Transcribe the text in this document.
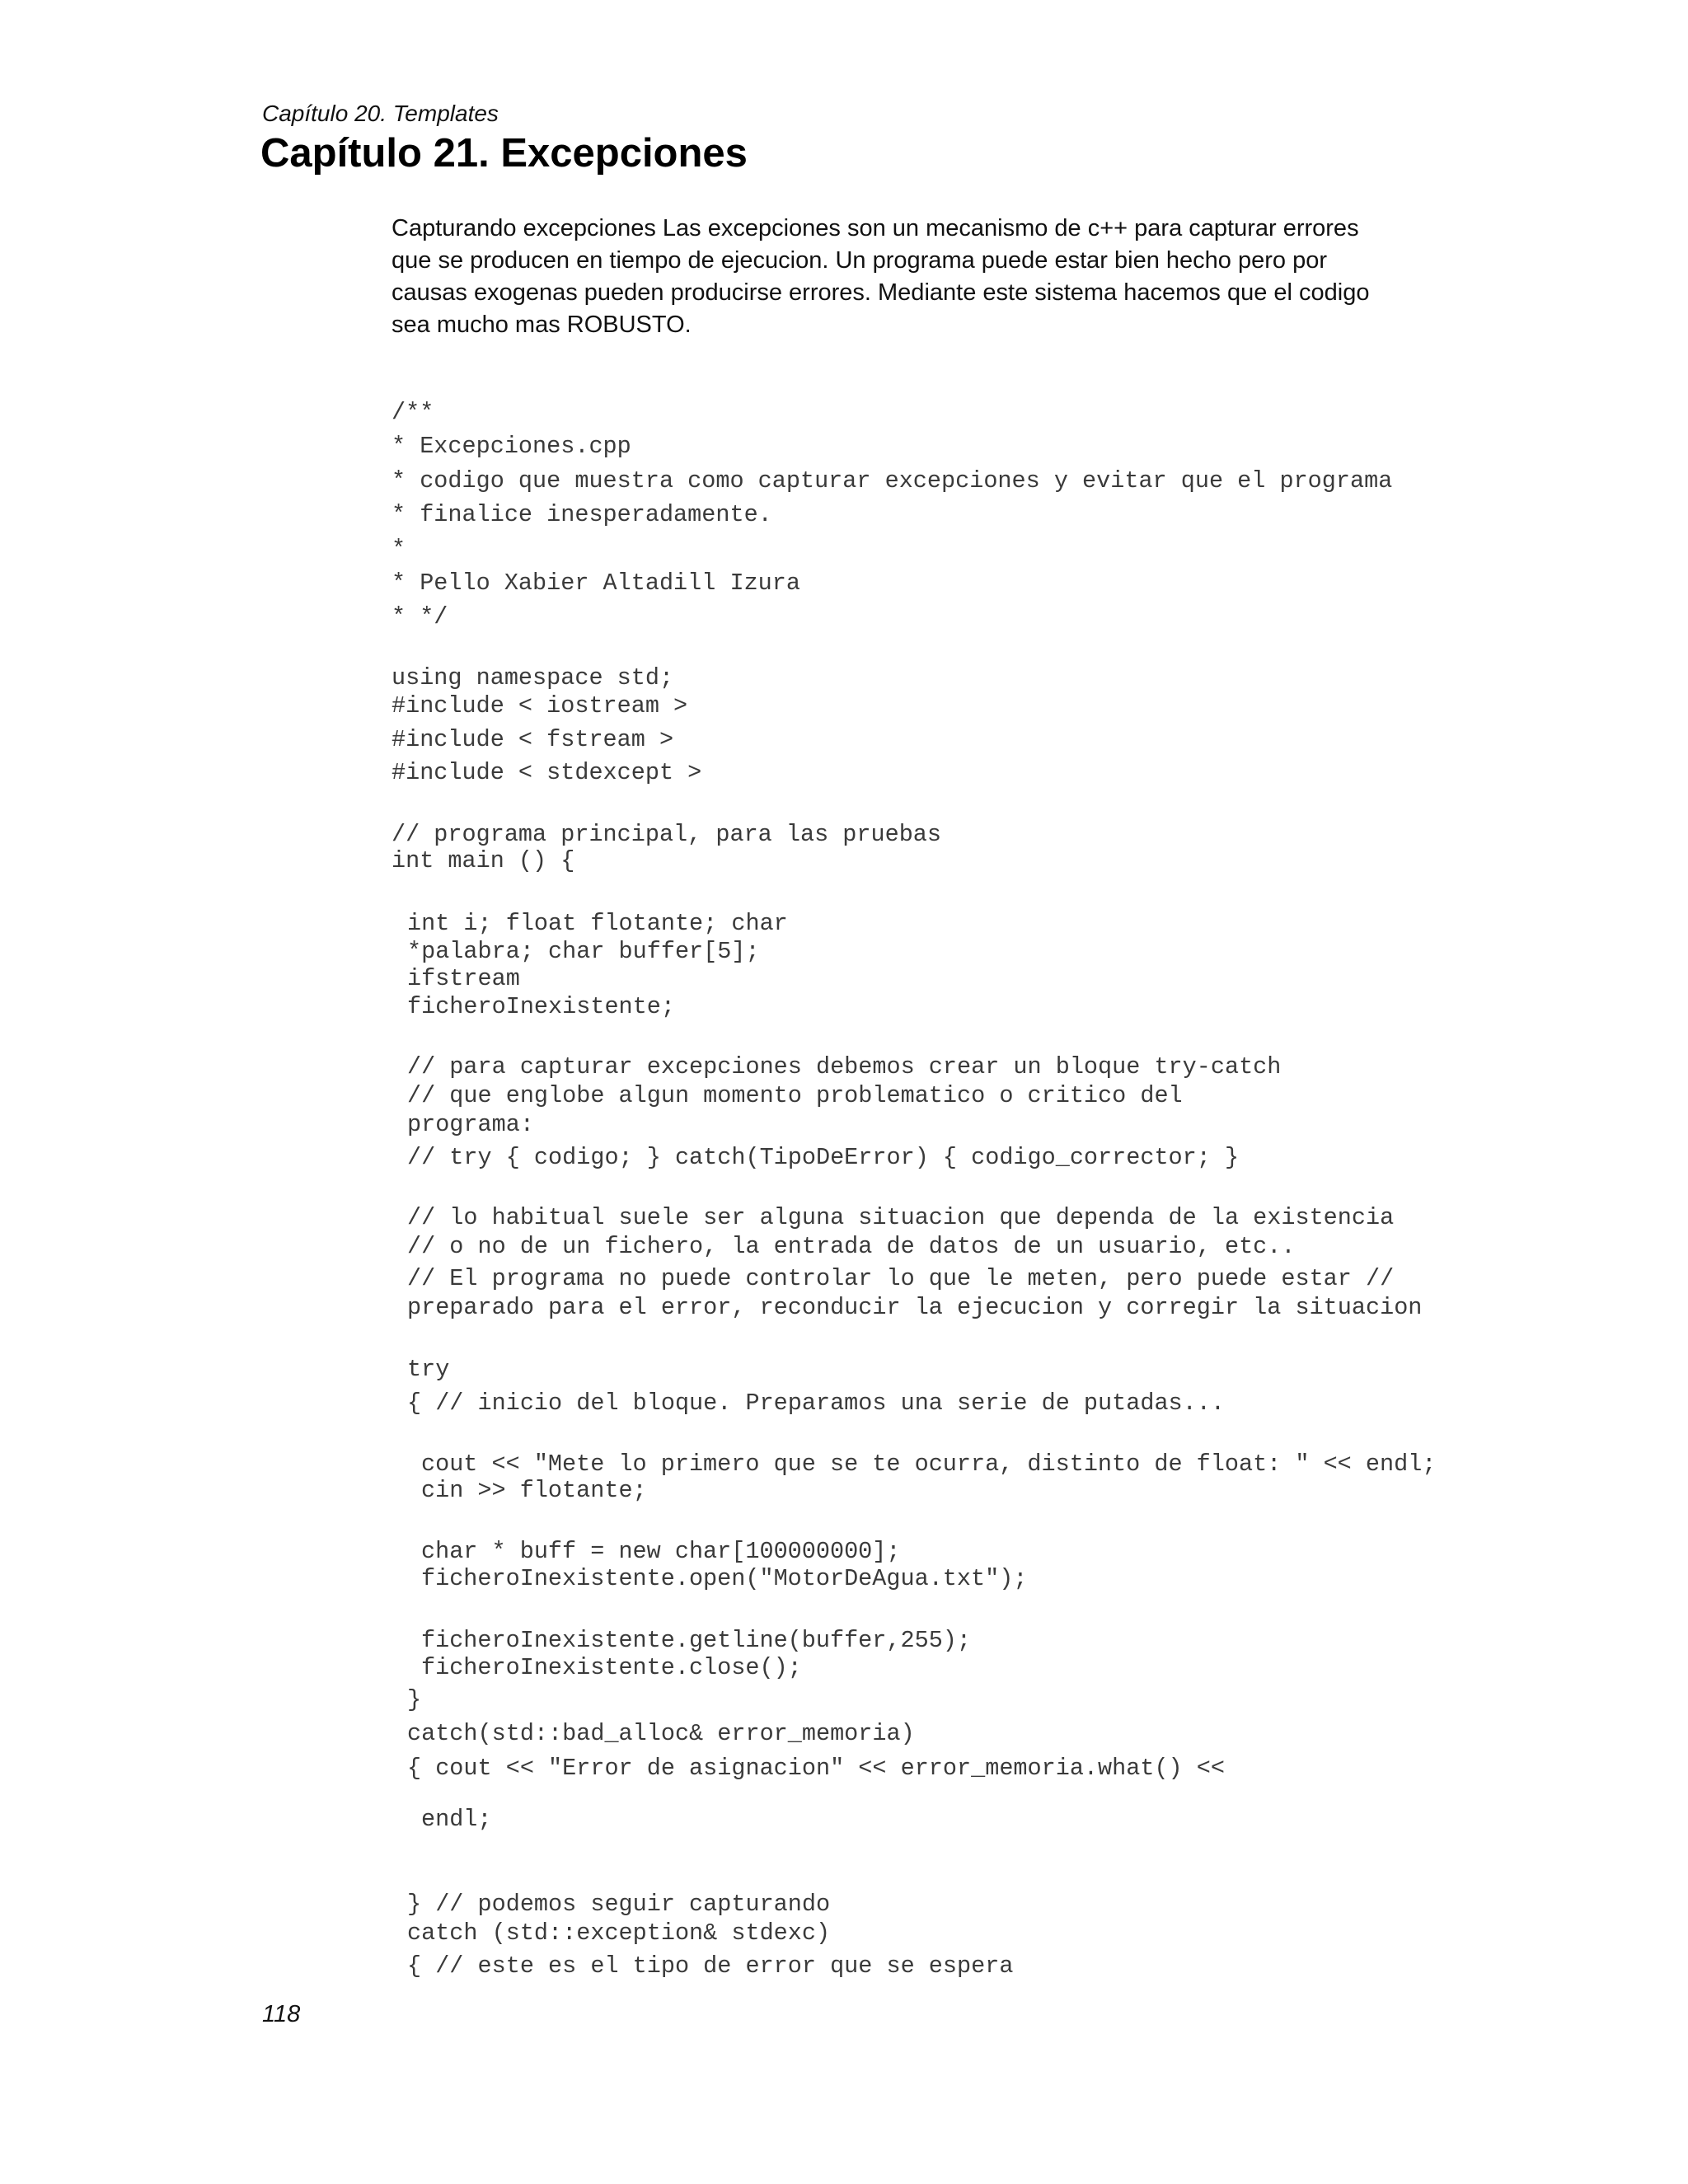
Capítulo 20. Templates
Capítulo 21. Excepciones
Capturando excepciones Las excepciones son un mecanismo de c++ para capturar errores
que se producen en tiempo de ejecucion. Un programa puede estar bien hecho pero por
causas exogenas pueden producirse errores. Mediante este sistema hacemos que el codigo
sea mucho mas ROBUSTO.
/**
* Excepciones.cpp
* codigo que muestra como capturar excepciones y evitar que el programa
* finalice inesperadamente.
*
* Pello Xabier Altadill Izura
* */
using namespace std;
#include < iostream >
#include < fstream >
#include < stdexcept >
// programa principal, para las pruebas
int main () {
int i; float flotante; char
*palabra; char buffer[5];
ifstream
ficheroInexistente;
// para capturar excepciones debemos crear un bloque try-catch
// que englobe algun momento problematico o critico del
programa:
// try { codigo; } catch(TipoDeError) { codigo_corrector; }
// lo habitual suele ser alguna situacion que dependa de la existencia
// o no de un fichero, la entrada de datos de un usuario, etc..
// El programa no puede controlar lo que le meten, pero puede estar //
preparado para el error, reconducir la ejecucion y corregir la situacion
try
{ // inicio del bloque. Preparamos una serie de putadas...
cout << "Mete lo primero que se te ocurra, distinto de float: " << endl;
cin >> flotante;
char * buff = new char[100000000];
ficheroInexistente.open("MotorDeAgua.txt");
ficheroInexistente.getline(buffer,255);
ficheroInexistente.close();
}
catch(std::bad_alloc& error_memoria)
{ cout << "Error de asignacion" << error_memoria.what() <<
endl;
} // podemos seguir capturando
catch (std::exception& stdexc)
{ // este es el tipo de error que se espera
118
